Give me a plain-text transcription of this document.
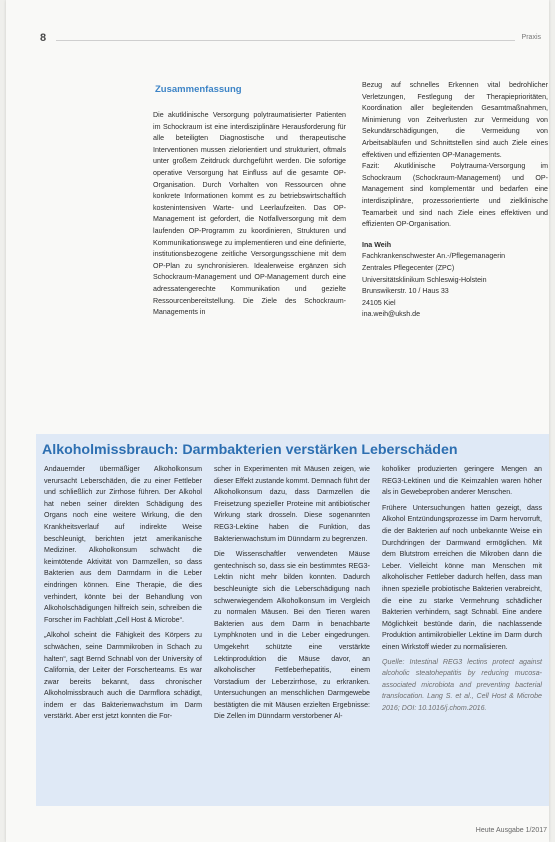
8	Praxis
Zusammenfassung

Die akutklinische Versorgung polytraumatisierter Patienten im Schockraum ist eine interdisziplinäre Herausforderung für alle beteiligten Diagnostische und therapeutische Interventionen mussen zielorientiert und strukturiert, oftmals unter großem Zeitdruck durchgeführt werden. Die sofortige operative Versorgung hat Einfluss auf die gesamte OP-Organisation. Durch Vorhalten von Ressourcen ohne konkrete Informationen kommt es zu betriebswirtschaftlich kostenintensiven Warte- und Leerlaufzeiten. Das OP-Management ist gefordert, die Notfallversorgung mit dem laufenden OP-Programm zu koordinieren, Strukturen und Kommunikationswege zu implementieren und eine definierte, institutionsbezogene zeitliche Versorgungsschiene mit dem OP-Plan zu synchronisieren. Idealerweise ergänzen sich Schockraum-Management und OP-Management durch eine adressatengerechte Kommunikation und gezielte Ressourcenbereitstellung. Die Ziele des Schockraum-Managements in

Bezug auf schnelles Erkennen vital bedrohlicher Verletzungen, Festlegung der Therapieprioritäten, Koordination aller begleitenden Gesamtmaßnahmen, Minimierung von Zeitverlusten zur Vermeidung von Sekundärschädigungen, die Vermeidung von Arbeitsabläufen und Schnittstellen sind auch Ziele eines effektiven und effizienten OP-Managements.

Fazit: Akutklinische Polytrauma-Versorgung im Schockraum (Schockraum-Management) und OP-Management sind komplementär und bedarfen eine interdisziplinäre, prozessorientierte und zielklinische Teamarbeit und sind nach Ziele eines effektiven und effizienten OP-Organisation.

Ina Weih
Fachkrankenschwester An.-/Pflegemanagerin
Zentrales Pflegecenter (ZPC)
Universitätsklinikum Schleswig-Holstein
Brunswikerstr. 10 / Haus 33
24105 Kiel
ina.weih@uksh.de

Alkoholmissbrauch: Darmbakterien verstärken Leberschäden

Andauernder übermäßiger Alkoholkonsum verursacht Leberschäden, die zu einer Fettleber und schließlich zur Zirrhose führen. Der Alkohol hat neben seiner direkten Schädigung des Organs noch eine weitere Wirkung, die den Krankheitsverlauf auf indirekte Weise beschleunigt, berichten jetzt amerikanische Mediziner. Alkoholkonsum schwächt die keimtötende Aktivität von Darmzellen, so dass Bakterien aus dem Darmdarm in die Leber eindringen können. Eine Therapie, die dies verhindert, könnte bei der Behandlung von Alkoholschädigungen hilfreich sein, schreiben die Forscher im Fachblatt „Cell Host & Microbe“.

„Alkohol scheint die Fähigkeit des Körpers zu schwächen, seine Darmmikroben in Schach zu halten“, sagt Bernd Schnabl von der University of California, der Leiter der Forscherteams. Es war zwar bereits bekannt, dass chronischer Alkoholmissbrauch auch die Darmflora schädigt, indem er das Bakterienwachstum im Darm verstärkt. Aber erst jetzt konnten die For-

scher in Experimenten mit Mäusen zeigen, wie dieser Effekt zustande kommt. Demnach führt der Alkoholkonsum dazu, dass Darmzellen die Freisetzung spezieller Proteine mit antibiotischer Wirkung stark drosseln. Diese sogenannten REG3-Lektine haben die Funktion, das Bakterienwachstum im Dünndarm zu begrenzen.

Die Wissenschaftler verwendeten Mäuse gentechnisch so, dass sie ein bestimmtes REG3-Lektin nicht mehr bilden konnten. Dadurch beschleunigte sich die Leberschädigung nach schwerwiegendem Alkoholkonsum im Vergleich zu normalen Mäusen. Bei den Tieren waren Bakterien aus dem Darm in benachbarte Lymphknoten und in die Leber eingedrungen. Umgekehrt schützte eine verstärkte Lektinproduktion die Mäuse davor, an alkoholischer Fettleberhepatitis, einem Vorstadium der Leberzirrhose, zu erkranken. Untersuchungen an menschlichen Darmgewebe bestätigten die mit Mäusen erzielten Ergebnisse: Die Zellen im Dünndarm verstorbener Al-

koholiker produzierten geringere Mengen an REG3-Lektinen und die Keimzahlen waren höher als in Gewebeproben anderer Menschen.

Frühere Untersuchungen hatten gezeigt, dass Alkohol Entzündungsprozesse im Darm hervorruft, die der Bakterien auf noch unbekannte Weise ein Durchdringen der Darmwand ermöglichen. Mit dem Blutstrom erreichen die Mikroben dann die Leber. Vielleicht könne man Menschen mit alkoholischer Fettleber dadurch helfen, dass man ihnen spezielle probiotische Bakterien verabreicht, die eine zu starke Vermehrung schädlicher Bakterien verhindern, sagt Schnabl. Eine andere Möglichkeit bestünde darin, die nachlassende Produktion antimikrobieller Lektine im Darm durch einen Wirkstoff wieder zu normalisieren.

Quelle: Intestinal REG3 lectins protect against alcoholic steatohepatitis by reducing mucosa-associated microbiota and preventing bacterial translocation. Lang S. et al., Cell Host & Microbe 2016; DOI: 10.1016/j.chom.2016.

Heute Ausgabe 1/2017
